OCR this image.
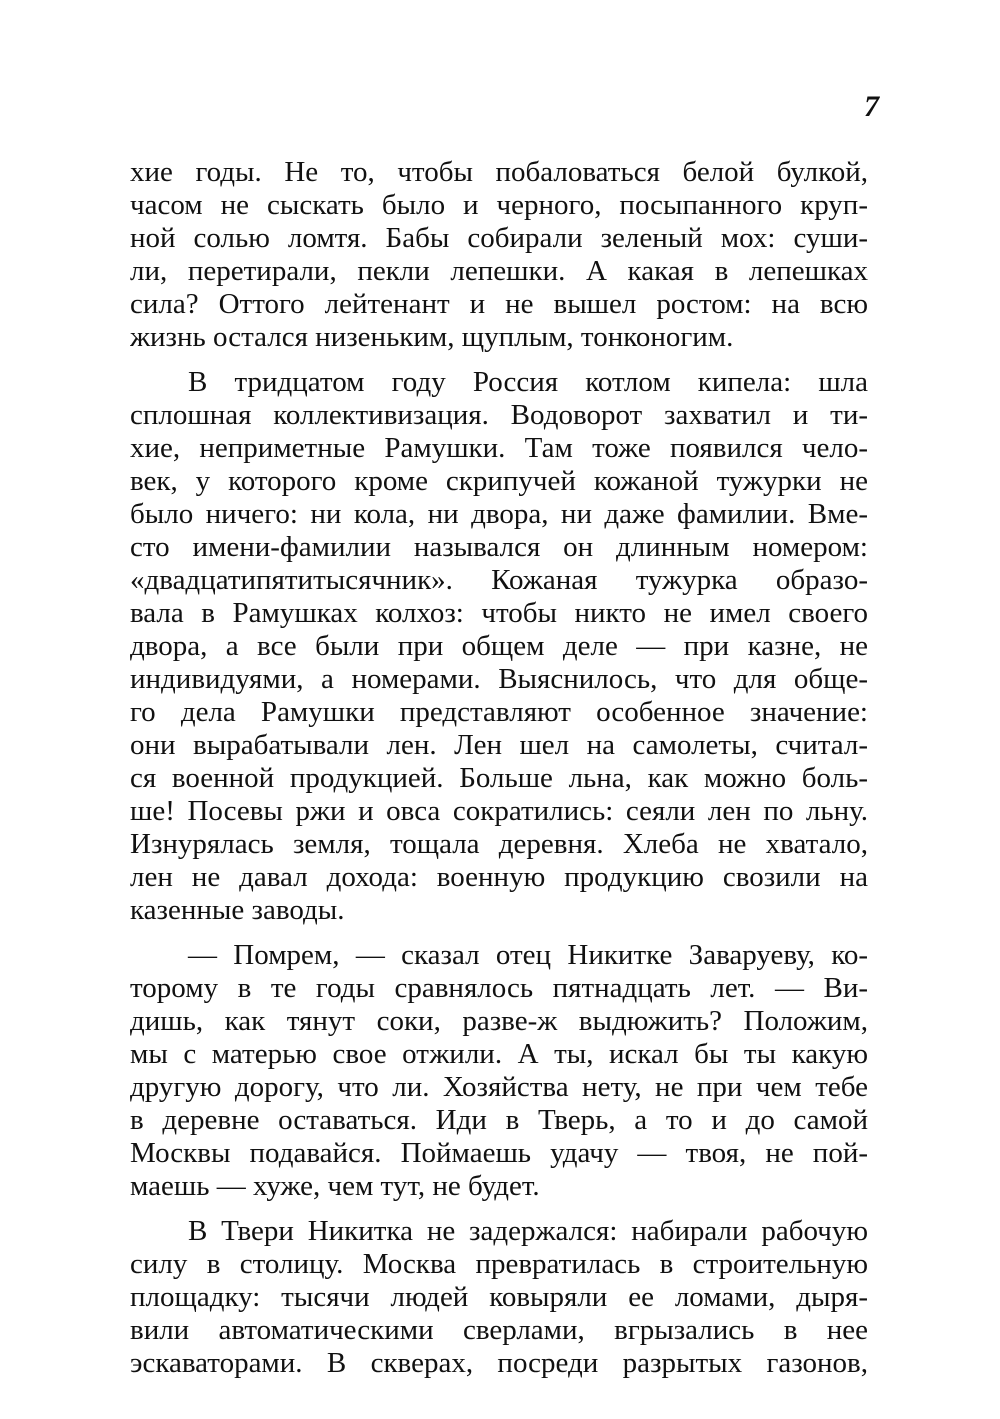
7
хие годы. Не то, чтобы побаловаться белой булкой,
часом не сыскать было и черного, посыпанного круп-
ной солью ломтя. Бабы собирали зеленый мох: суши-
ли, перетирали, пекли лепешки. А какая в лепешках
сила? Оттого лейтенант и не вышел ростом: на всю
жизнь остался низеньким, щуплым, тонконогим.
В тридцатом году Россия котлом кипела: шла
сплошная коллективизация. Водоворот захватил и ти-
хие, неприметные Рамушки. Там тоже появился чело-
век, у которого кроме скрипучей кожаной тужурки не
было ничего: ни кола, ни двора, ни даже фамилии. Вме-
сто имени-фамилии назывался он длинным номером:
«двадцатипятитысячник». Кожаная тужурка образо-
вала в Рамушках колхоз: чтобы никто не имел своего
двора, а все были при общем деле — при казне, не
индивидуями, а номерами. Выяснилось, что для обще-
го дела Рамушки представляют особенное значение:
они вырабатывали лен. Лен шел на самолеты, считал-
ся военной продукцией. Больше льна, как можно боль-
ше! Посевы ржи и овса сократились: сеяли лен по льну.
Изнурялась земля, тощала деревня. Хлеба не хватало,
лен не давал дохода: военную продукцию свозили на
казенные заводы.
— Помрем, — сказал отец Никитке Заваруеву, ко-
торому в те годы сравнялось пятнадцать лет. — Ви-
дишь, как тянут соки, разве-ж выдюжить? Положим,
мы с матерью свое отжили. А ты, искал бы ты какую
другую дорогу, что ли. Хозяйства нету, не при чем тебе
в деревне оставаться. Иди в Тверь, а то и до самой
Москвы подавайся. Поймаешь удачу — твоя, не пой-
маешь — хуже, чем тут, не будет.
В Твери Никитка не задержался: набирали рабочую
силу в столицу. Москва превратилась в строительную
площадку: тысячи людей ковыряли ее ломами, дыря-
вили автоматическими сверлами, вгрызались в нее
эскаваторами. В скверах, посреди разрытых газонов,
